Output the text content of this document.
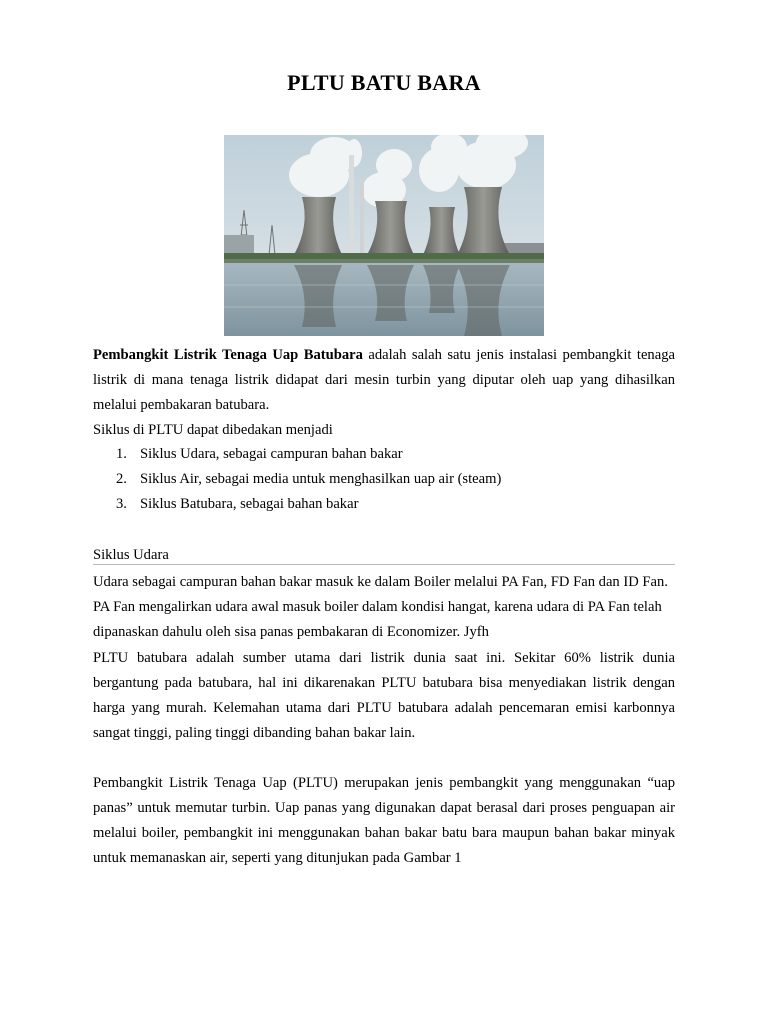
PLTU BATU BARA
Pembangkit Listrik Tenaga Uap Batubara adalah salah satu jenis instalasi pembangkit tenaga listrik di mana tenaga listrik didapat dari mesin turbin yang diputar oleh uap yang dihasilkan melalui pembakaran batubara.
Siklus di PLTU dapat dibedakan menjadi
1. Siklus Udara, sebagai campuran bahan bakar
2. Siklus Air, sebagai media untuk menghasilkan uap air (steam)
3. Siklus Batubara, sebagai bahan bakar
Siklus Udara
Udara sebagai campuran bahan bakar masuk ke dalam Boiler melalui PA Fan, FD Fan dan ID Fan. PA Fan mengalirkan udara awal masuk boiler dalam kondisi hangat, karena udara di PA Fan telah dipanaskan dahulu oleh sisa panas pembakaran di Economizer. Jyfh
PLTU batubara adalah sumber utama dari listrik dunia saat ini. Sekitar 60% listrik dunia bergantung pada batubara, hal ini dikarenakan PLTU batubara bisa menyediakan listrik dengan harga yang murah. Kelemahan utama dari PLTU batubara adalah pencemaran emisi karbonnya sangat tinggi, paling tinggi dibanding bahan bakar lain.
Pembangkit Listrik Tenaga Uap (PLTU) merupakan jenis pembangkit yang menggunakan “uap panas” untuk memutar turbin. Uap panas yang digunakan dapat berasal dari proses penguapan air melalui boiler, pembangkit ini menggunakan bahan bakar batu bara maupun bahan bakar minyak untuk memanaskan air, seperti yang ditunjukan pada Gambar 1
